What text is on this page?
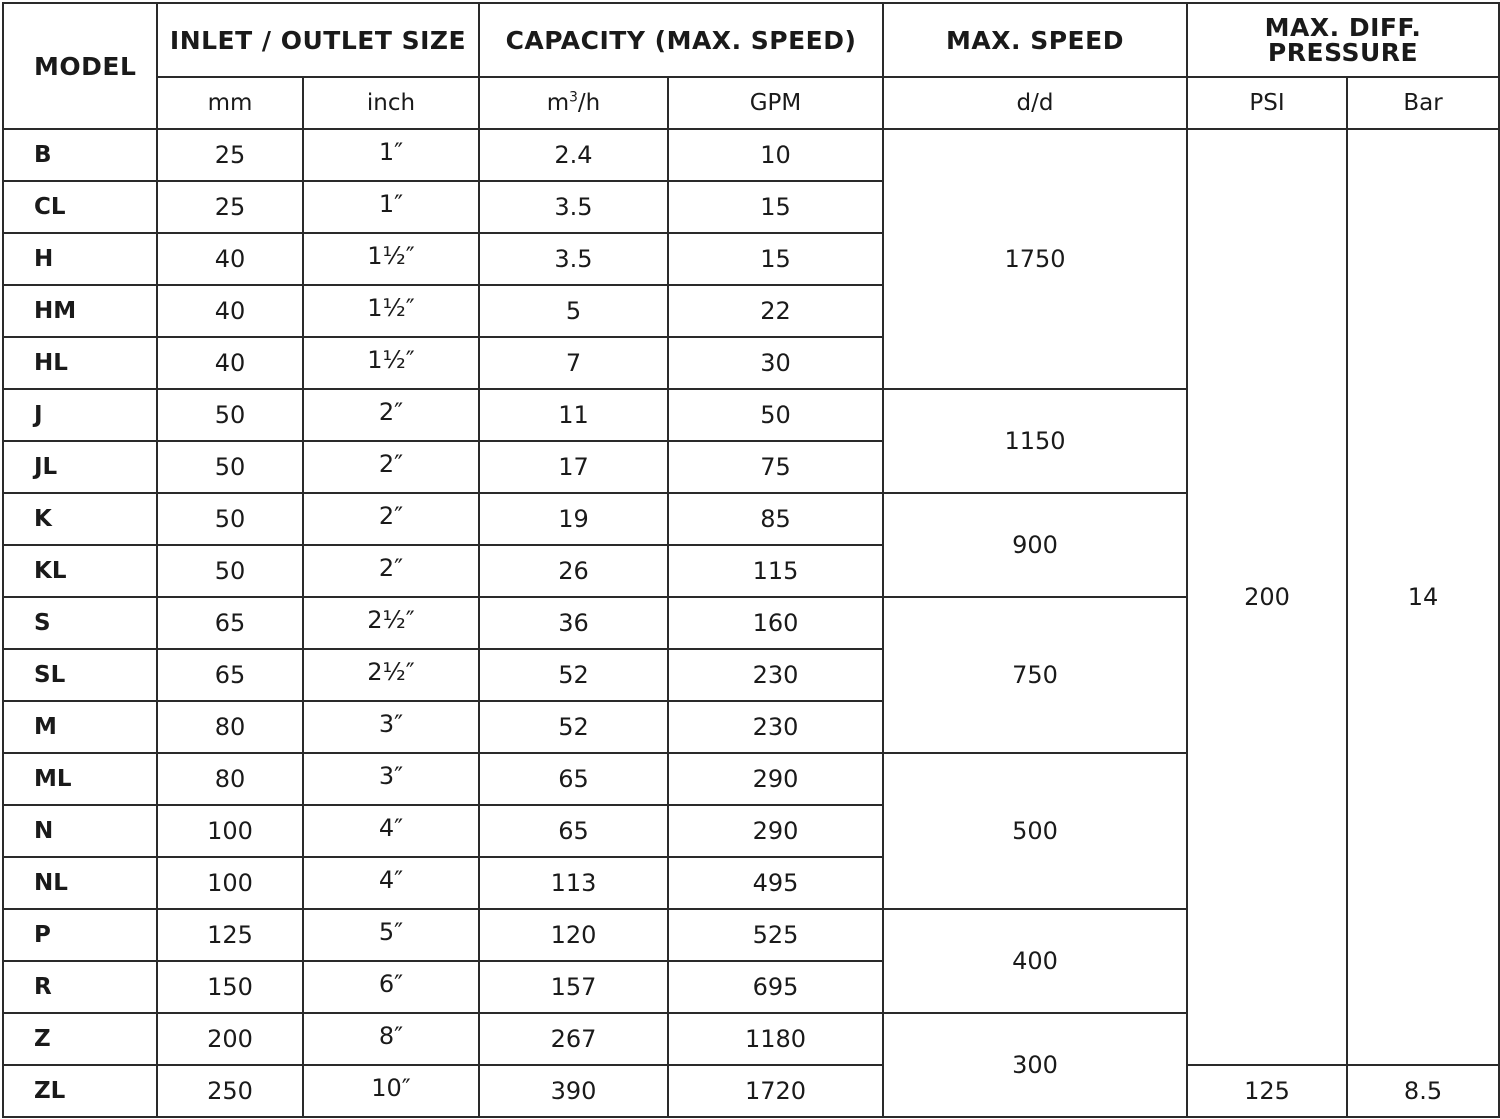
MODEL	INLET / OUTLET SIZE		CAPACITY (MAX. SPEED)		MAX. SPEED	MAX. DIFF. PRESSURE	
	mm	inch	$m^3/h$	GPM	d/d	PSI	Bar
B	25	1″	2.4	10	1750	200	14
CL	25	1″	3.5	15			
H	40	1½″	3.5	15			
HM	40	1½″	5	22			
HL	40	1½″	7	30			
J	50	2″	11	50	1150		
JL	50	2″	17	75			
K	50	2″	19	85	900		
KL	50	2″	26	115			
S	65	2½″	36	160	750		
SL	65	2½″	52	230			
M	80	3″	52	230			
ML	80	3″	65	290	500		
N	100	4″	65	290			
NL	100	4″	113	495			
P	125	5″	120	525	400		
R	150	6″	157	695			
Z	200	8″	267	1180	300		
ZL	250	10″	390	1720		125	8.5
